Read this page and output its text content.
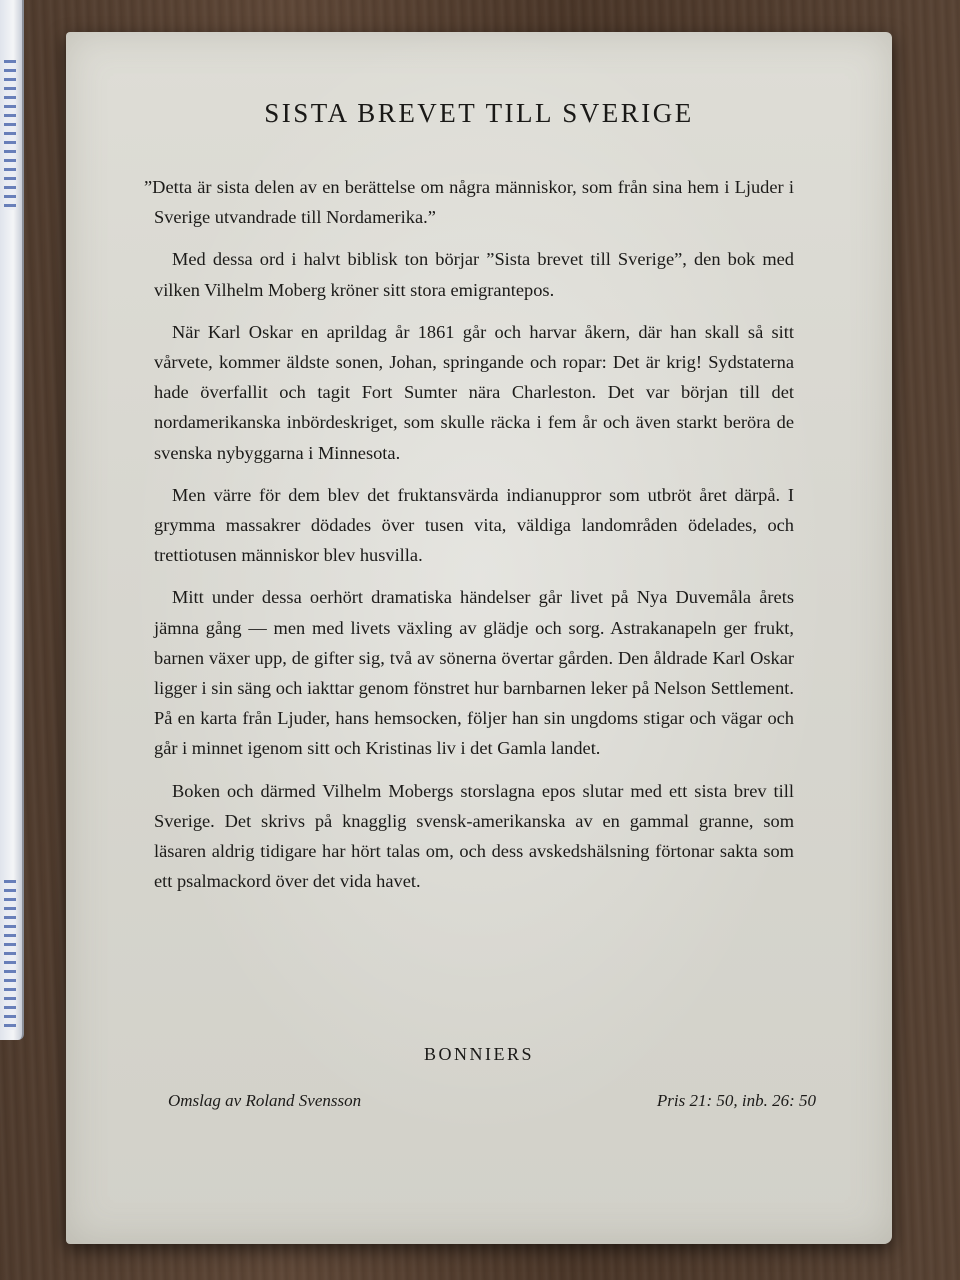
SISTA BREVET TILL SVERIGE

”Detta är sista delen av en berättelse om några människor, som från sina hem i Ljuder i Sverige utvandrade till Nordamerika.”

Med dessa ord i halvt biblisk ton börjar ”Sista brevet till Sverige”, den bok med vilken Vilhelm Moberg kröner sitt stora emigrantepos.

När Karl Oskar en aprildag år 1861 går och harvar åkern, där han skall så sitt vårvete, kommer äldste sonen, Johan, springande och ropar: Det är krig! Sydstaterna hade överfallit och tagit Fort Sumter nära Charleston. Det var början till det nordamerikanska inbördeskriget, som skulle räcka i fem år och även starkt beröra de svenska nybyggarna i Minnesota.

Men värre för dem blev det fruktansvärda indianuppror som utbröt året därpå. I grymma massakrer dödades över tusen vita, väldiga landområden ödelades, och trettiotusen människor blev husvilla.

Mitt under dessa oerhört dramatiska händelser går livet på Nya Duvemåla årets jämna gång — men med livets växling av glädje och sorg. Astrakanapeln ger frukt, barnen växer upp, de gifter sig, två av sönerna övertar gården. Den åldrade Karl Oskar ligger i sin säng och iakttar genom fönstret hur barnbarnen leker på Nelson Settlement. På en karta från Ljuder, hans hemsocken, följer han sin ungdoms stigar och vägar och går i minnet igenom sitt och Kristinas liv i det Gamla landet.

Boken och därmed Vilhelm Mobergs storslagna epos slutar med ett sista brev till Sverige. Det skrivs på knagglig svensk-amerikanska av en gammal granne, som läsaren aldrig tidigare har hört talas om, och dess avskedshälsning förtonar sakta som ett psalmackord över det vida havet.

BONNIERS
Omslag av Roland Svensson	Pris 21: 50, inb. 26: 50
